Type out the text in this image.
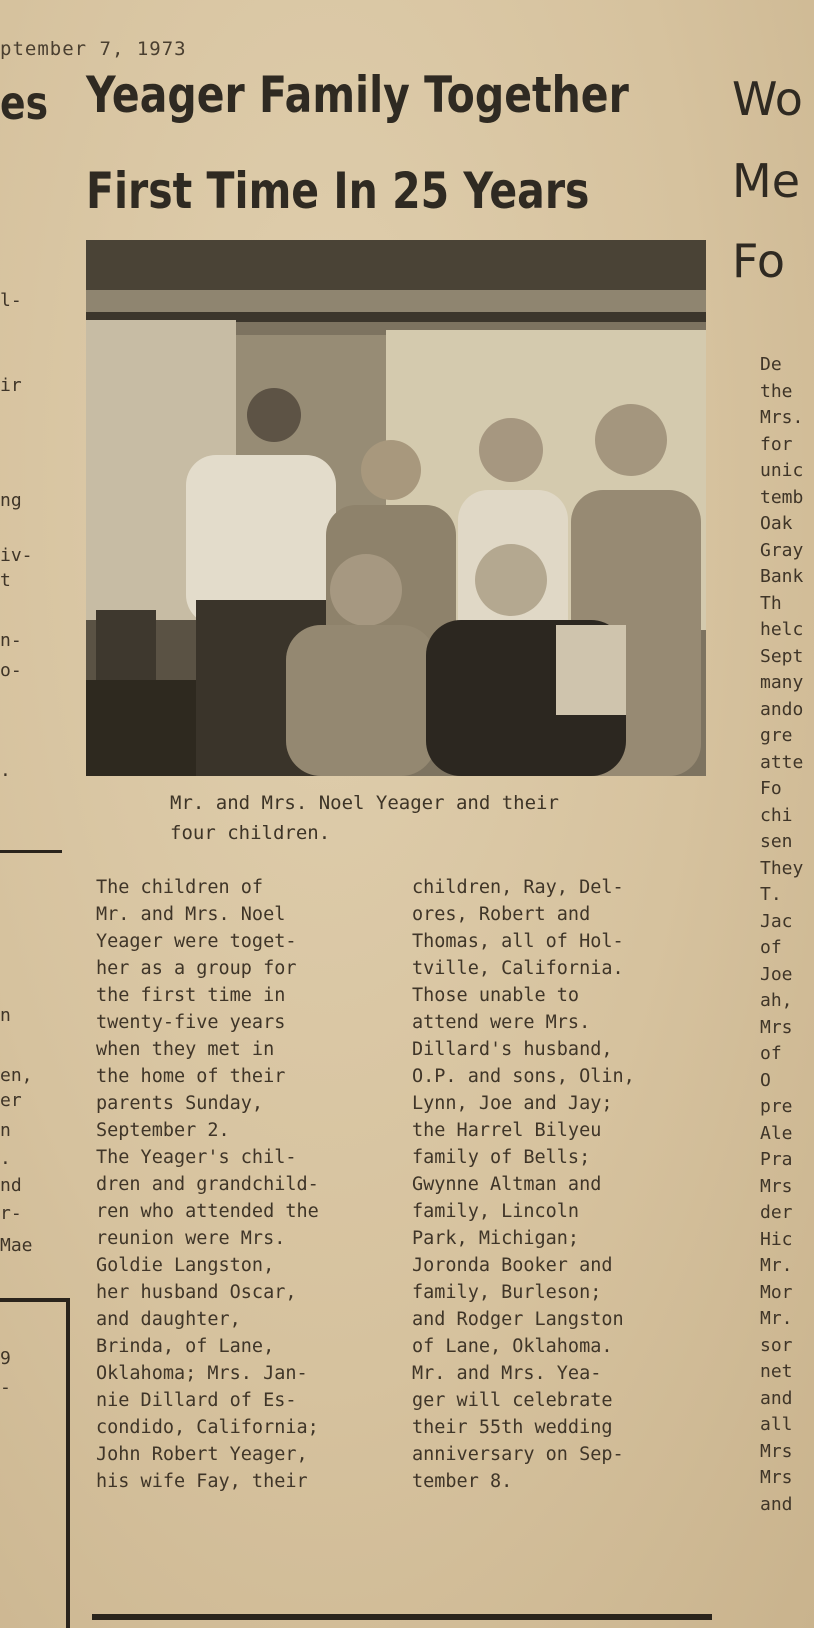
ptember 7, 1973
es
l-
ir
ng
iv-
t
n-
o-
.
n
en,
er
n
.
nd
r-
Mae
9
-
Yeager Family Together
First Time In 25 Years
Wo
Me
Fo
Mr. and Mrs. Noel Yeager and their
four children.
The children of
Mr. and Mrs. Noel
Yeager were toget-
her as a group for
the first time in
twenty-five years
when they met in
the home of their
parents Sunday,
September 2.
The Yeager's chil-
dren and grandchild-
ren who attended the
reunion were Mrs.
Goldie Langston,
her husband Oscar,
and daughter,
Brinda, of Lane,
Oklahoma; Mrs. Jan-
nie Dillard of Es-
condido, California;
John Robert Yeager,
his wife Fay, their
children, Ray, Del-
ores, Robert and
Thomas, all of Hol-
tville, California.
Those unable to
attend were Mrs.
Dillard's husband,
O.P. and sons, Olin,
Lynn, Joe and Jay;
the Harrel Bilyeu
family of Bells;
Gwynne Altman and
family, Lincoln
Park, Michigan;
Joronda Booker and
family, Burleson;
and Rodger Langston
of Lane, Oklahoma.
Mr. and Mrs. Yea-
ger will celebrate
their 55th wedding
anniversary on Sep-
tember 8.
De
the
Mrs.
for
unic
temb
Oak
Gray
Bank
Th
helc
Sept
many
ando
gre
atte
Fo
chi
sen
They
T.
Jac
of
Joe
ah,
Mrs
of
O
pre
Ale
Pra
Mrs
der
Hic
Mr.
Mor
Mr.
sor
net
and
all
Mrs
Mrs
and
